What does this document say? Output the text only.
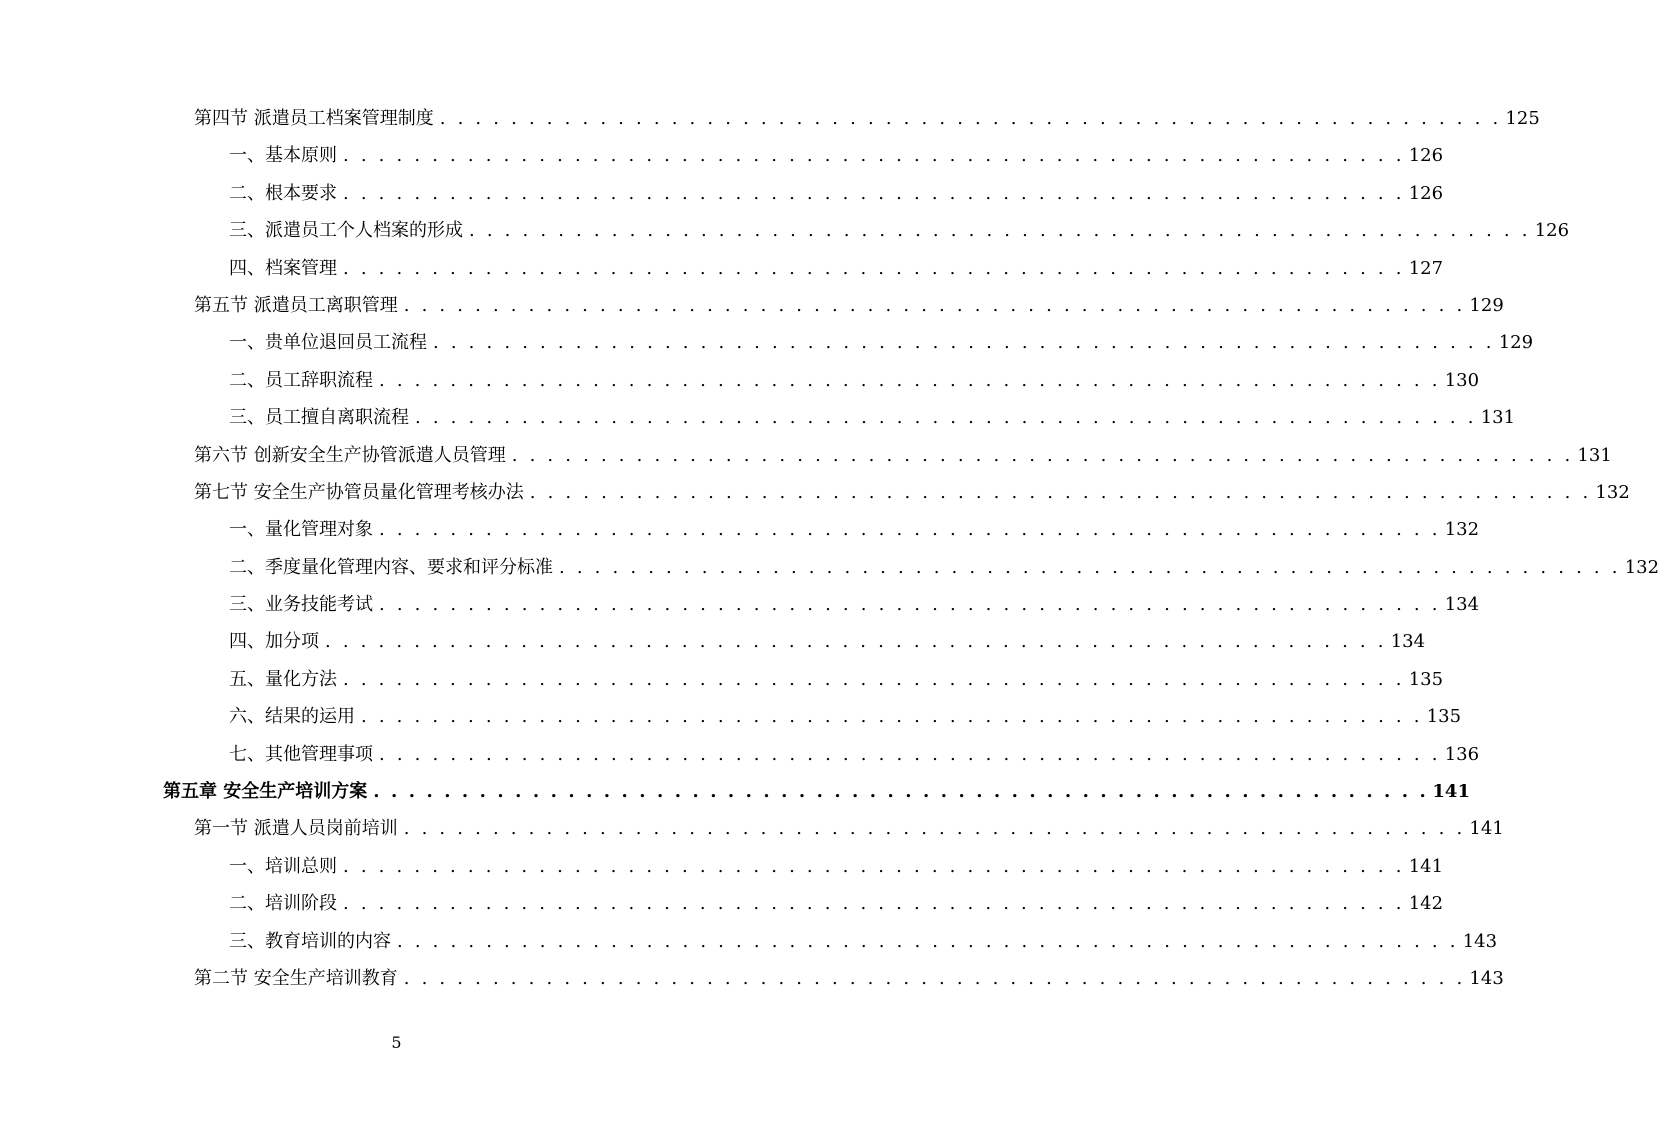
第四节 派遣员工档案管理制度 . . . . . . . . . . . . . . . . . . . . . . . . . . . . . . . . . . . . . . . . . . . . . . . . . . . . . . . . . . . . 125
一、基本原则 . . . . . . . . . . . . . . . . . . . . . . . . . . . . . . . . . . . . . . . . . . . . . . . . . . . . . . . . . . . . 126
二、根本要求 . . . . . . . . . . . . . . . . . . . . . . . . . . . . . . . . . . . . . . . . . . . . . . . . . . . . . . . . . . . . 126
三、派遣员工个人档案的形成 . . . . . . . . . . . . . . . . . . . . . . . . . . . . . . . . . . . . . . . . . . . . . . . . . . . . . . . . . . . . 126
四、档案管理 . . . . . . . . . . . . . . . . . . . . . . . . . . . . . . . . . . . . . . . . . . . . . . . . . . . . . . . . . . . . 127
第五节 派遣员工离职管理 . . . . . . . . . . . . . . . . . . . . . . . . . . . . . . . . . . . . . . . . . . . . . . . . . . . . . . . . . . . . 129
一、贵单位退回员工流程 . . . . . . . . . . . . . . . . . . . . . . . . . . . . . . . . . . . . . . . . . . . . . . . . . . . . . . . . . . . . 129
二、员工辞职流程 . . . . . . . . . . . . . . . . . . . . . . . . . . . . . . . . . . . . . . . . . . . . . . . . . . . . . . . . . . . . 130
三、员工擅自离职流程 . . . . . . . . . . . . . . . . . . . . . . . . . . . . . . . . . . . . . . . . . . . . . . . . . . . . . . . . . . . . 131
第六节 创新安全生产协管派遣人员管理 . . . . . . . . . . . . . . . . . . . . . . . . . . . . . . . . . . . . . . . . . . . . . . . . . . . . . . . . . . . . 131
第七节 安全生产协管员量化管理考核办法 . . . . . . . . . . . . . . . . . . . . . . . . . . . . . . . . . . . . . . . . . . . . . . . . . . . . . . . . . . . . 132
一、量化管理对象 . . . . . . . . . . . . . . . . . . . . . . . . . . . . . . . . . . . . . . . . . . . . . . . . . . . . . . . . . . . . 132
二、季度量化管理内容、要求和评分标准 . . . . . . . . . . . . . . . . . . . . . . . . . . . . . . . . . . . . . . . . . . . . . . . . . . . . . . . . . . . . 132
三、业务技能考试 . . . . . . . . . . . . . . . . . . . . . . . . . . . . . . . . . . . . . . . . . . . . . . . . . . . . . . . . . . . . 134
四、加分项 . . . . . . . . . . . . . . . . . . . . . . . . . . . . . . . . . . . . . . . . . . . . . . . . . . . . . . . . . . . . 134
五、量化方法 . . . . . . . . . . . . . . . . . . . . . . . . . . . . . . . . . . . . . . . . . . . . . . . . . . . . . . . . . . . . 135
六、结果的运用 . . . . . . . . . . . . . . . . . . . . . . . . . . . . . . . . . . . . . . . . . . . . . . . . . . . . . . . . . . . . 135
七、其他管理事项 . . . . . . . . . . . . . . . . . . . . . . . . . . . . . . . . . . . . . . . . . . . . . . . . . . . . . . . . . . . . 136
第五章 安全生产培训方案 . . . . . . . . . . . . . . . . . . . . . . . . . . . . . . . . . . . . . . . . . . . . . . . . . . . . . . . . . . . . 141
第一节 派遣人员岗前培训 . . . . . . . . . . . . . . . . . . . . . . . . . . . . . . . . . . . . . . . . . . . . . . . . . . . . . . . . . . . . 141
一、培训总则 . . . . . . . . . . . . . . . . . . . . . . . . . . . . . . . . . . . . . . . . . . . . . . . . . . . . . . . . . . . . 141
二、培训阶段 . . . . . . . . . . . . . . . . . . . . . . . . . . . . . . . . . . . . . . . . . . . . . . . . . . . . . . . . . . . . 142
三、教育培训的内容 . . . . . . . . . . . . . . . . . . . . . . . . . . . . . . . . . . . . . . . . . . . . . . . . . . . . . . . . . . . . 143
第二节 安全生产培训教育 . . . . . . . . . . . . . . . . . . . . . . . . . . . . . . . . . . . . . . . . . . . . . . . . . . . . . . . . . . . . 143
5
